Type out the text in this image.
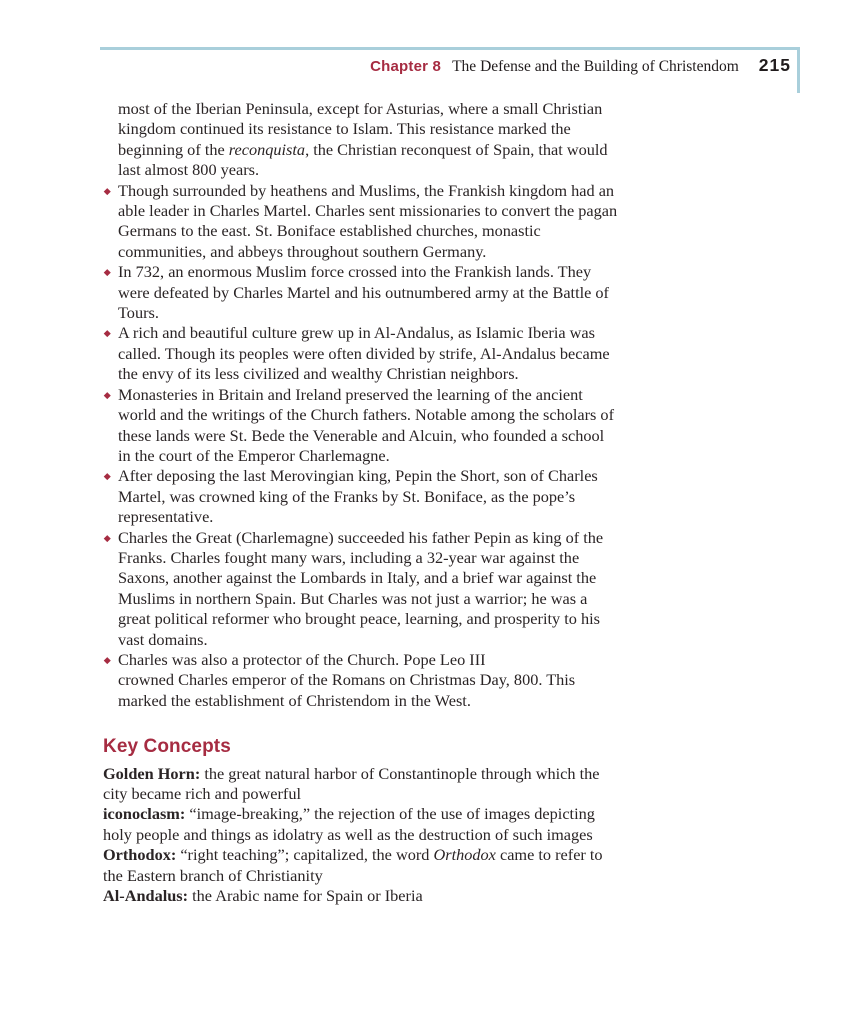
Chapter 8 The Defense and the Building of Christendom 215
most of the Iberian Peninsula, except for Asturias, where a small Christian kingdom continued its resistance to Islam. This resistance marked the beginning of the reconquista, the Christian reconquest of Spain, that would last almost 800 years.
Though surrounded by heathens and Muslims, the Frankish kingdom had an able leader in Charles Martel. Charles sent missionaries to convert the pagan Germans to the east. St. Boniface established churches, monastic communities, and abbeys throughout southern Germany.
In 732, an enormous Muslim force crossed into the Frankish lands. They were defeated by Charles Martel and his outnumbered army at the Battle of Tours.
A rich and beautiful culture grew up in Al-Andalus, as Islamic Iberia was called. Though its peoples were often divided by strife, Al-Andalus became the envy of its less civilized and wealthy Christian neighbors.
Monasteries in Britain and Ireland preserved the learning of the ancient world and the writings of the Church fathers. Notable among the scholars of these lands were St. Bede the Venerable and Alcuin, who founded a school in the court of the Emperor Charlemagne.
After deposing the last Merovingian king, Pepin the Short, son of Charles Martel, was crowned king of the Franks by St. Boniface, as the pope’s representative.
Charles the Great (Charlemagne) succeeded his father Pepin as king of the Franks. Charles fought many wars, including a 32-year war against the Saxons, another against the Lombards in Italy, and a brief war against the Muslims in northern Spain. But Charles was not just a warrior; he was a great political reformer who brought peace, learning, and prosperity to his vast domains.
Charles was also a protector of the Church. Pope Leo III
crowned Charles emperor of the Romans on Christmas Day, 800. This marked the establishment of Christendom in the West.
Key Concepts
Golden Horn: the great natural harbor of Constantinople through which the city became rich and powerful
iconoclasm: “image-breaking,” the rejection of the use of images depicting holy people and things as idolatry as well as the destruction of such images
Orthodox: “right teaching”; capitalized, the word Orthodox came to refer to the Eastern branch of Christianity
Al-Andalus: the Arabic name for Spain or Iberia
